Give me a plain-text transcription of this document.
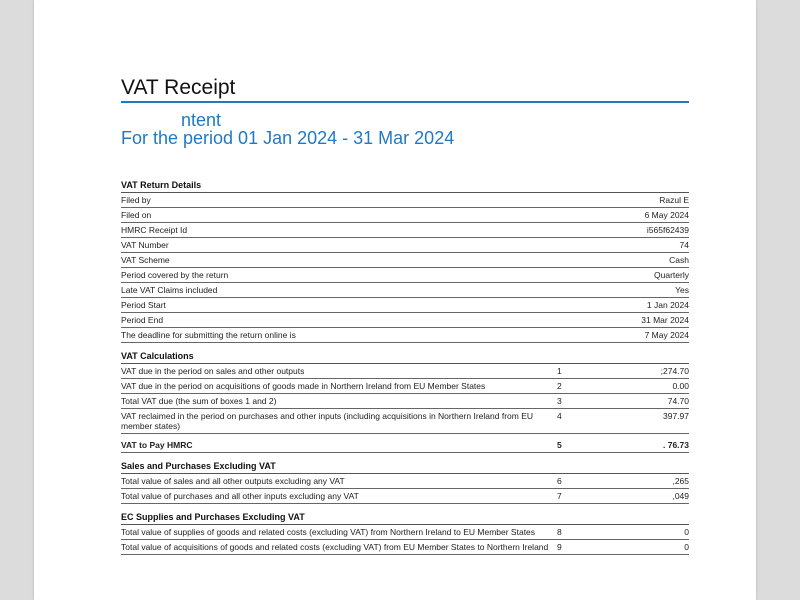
VAT Receipt
ntent
For the period 01 Jan 2024 - 31 Mar 2024
VAT Return Details
Filed by	Razul E
Filed on	6 May 2024
HMRC Receipt Id	i565f62439
VAT Number	74
VAT Scheme	Cash
Period covered by the return	Quarterly
Late VAT Claims included	Yes
Period Start	1 Jan 2024
Period End	31 Mar 2024
The deadline for submitting the return online is	7 May 2024
VAT Calculations
VAT due in the period on sales and other outputs	1	;274.70
VAT due in the period on acquisitions of goods made in Northern Ireland from EU Member States	2	0.00
Total VAT due (the sum of boxes 1 and 2)	3	74.70
VAT reclaimed in the period on purchases and other inputs (including acquisitions in Northern Ireland from EU member states)
4	397.97
VAT to Pay HMRC	5	. 76.73
Sales and Purchases Excluding VAT
Total value of sales and all other outputs excluding any VAT	6	,265
Total value of purchases and all other inputs excluding any VAT	7	,049
EC Supplies and Purchases Excluding VAT
Total value of supplies of goods and related costs (excluding VAT) from Northern Ireland to EU Member States	8	0
Total value of acquisitions of goods and related costs (excluding VAT) from EU Member States to Northern Ireland	9	0
